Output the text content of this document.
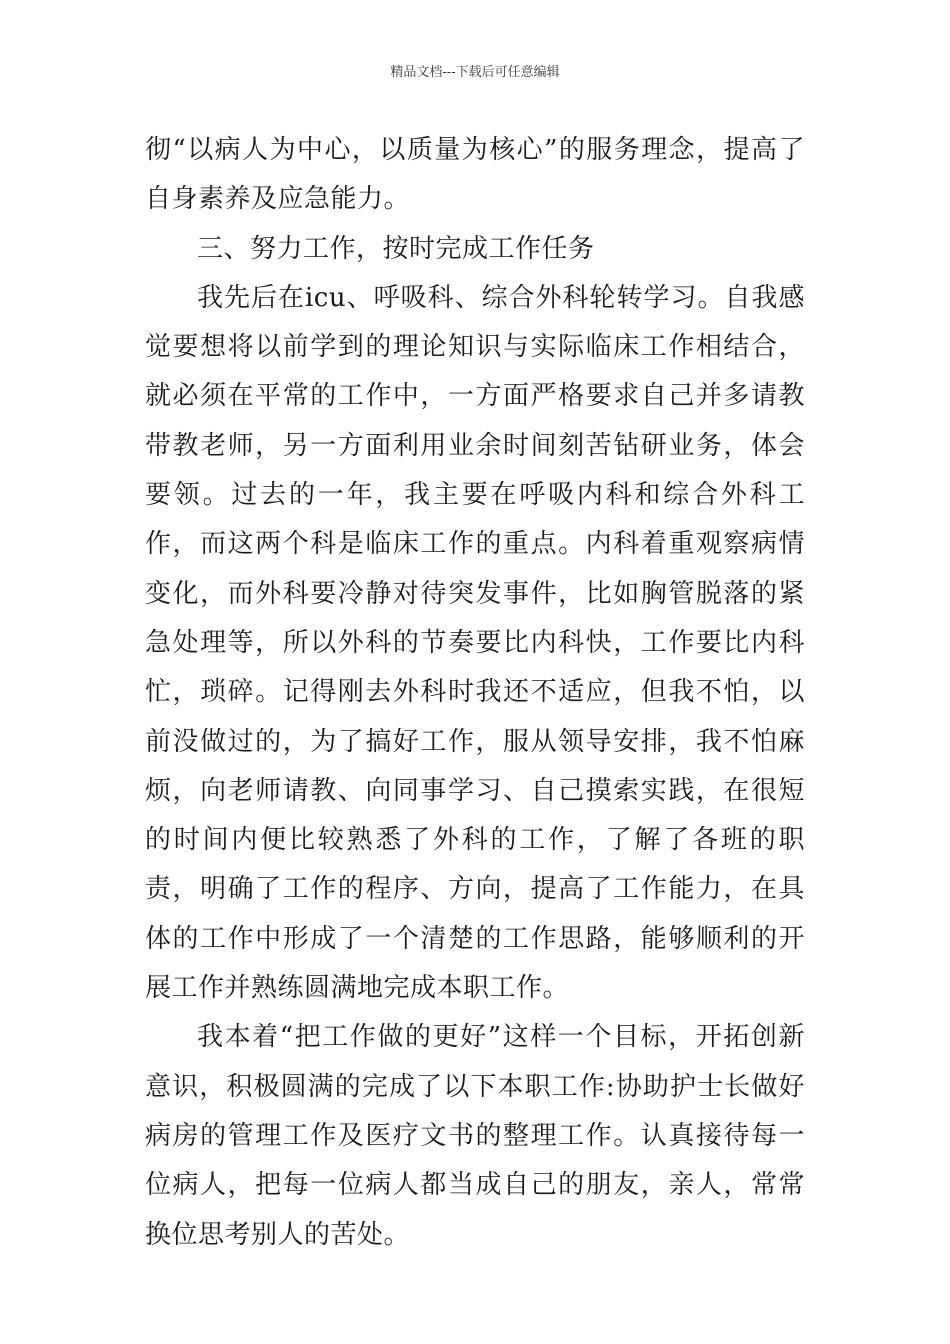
精品文档---下载后可任意编辑

彻“以病人为中心，以质量为核心”的服务理念，提高了自身素养及应急能力。

三、努力工作，按时完成工作任务

我先后在icu、呼吸科、综合外科轮转学习。自我感觉要想将以前学到的理论知识与实际临床工作相结合，就必须在平常的工作中，一方面严格要求自己并多请教带教老师，另一方面利用业余时间刻苦钻研业务，体会要领。过去的一年，我主要在呼吸内科和综合外科工作，而这两个科是临床工作的重点。内科着重观察病情变化，而外科要冷静对待突发事件，比如胸管脱落的紧急处理等，所以外科的节奏要比内科快，工作要比内科忙，琐碎。记得刚去外科时我还不适应，但我不怕，以前没做过的，为了搞好工作，服从领导安排，我不怕麻烦，向老师请教、向同事学习、自己摸索实践，在很短的时间内便比较熟悉了外科的工作，了解了各班的职责，明确了工作的程序、方向，提高了工作能力，在具体的工作中形成了一个清楚的工作思路，能够顺利的开展工作并熟练圆满地完成本职工作。

我本着“把工作做的更好”这样一个目标，开拓创新意识，积极圆满的完成了以下本职工作:协助护士长做好病房的管理工作及医疗文书的整理工作。认真接待每一位病人，把每一位病人都当成自己的朋友，亲人，常常换位思考别人的苦处。
